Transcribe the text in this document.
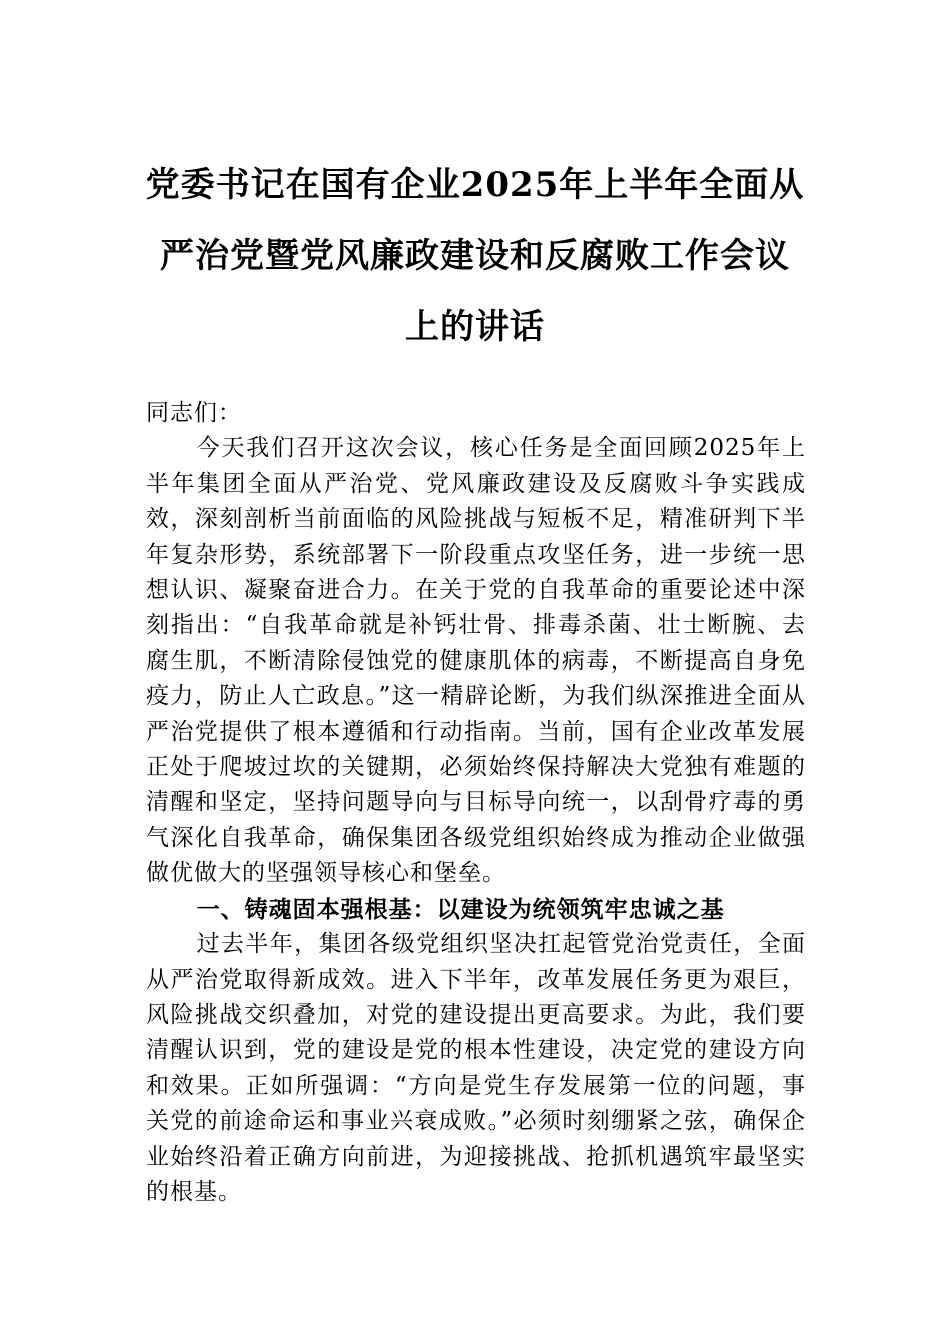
党委书记在国有企业2025年上半年全面从
严治党暨党风廉政建设和反腐败工作会议
上的讲话

同志们：

今天我们召开这次会议，核心任务是全面回顾2025年上半年集团全面从严治党、党风廉政建设及反腐败斗争实践成效，深刻剖析当前面临的风险挑战与短板不足，精准研判下半年复杂形势，系统部署下一阶段重点攻坚任务，进一步统一思想认识、凝聚奋进合力。在关于党的自我革命的重要论述中深刻指出：“自我革命就是补钙壮骨、排毒杀菌、壮士断腕、去腐生肌，不断清除侵蚀党的健康肌体的病毒，不断提高自身免疫力，防止人亡政息。”这一精辟论断，为我们纵深推进全面从严治党提供了根本遵循和行动指南。当前，国有企业改革发展正处于爬坡过坎的关键期，必须始终保持解决大党独有难题的清醒和坚定，坚持问题导向与目标导向统一，以刮骨疗毒的勇气深化自我革命，确保集团各级党组织始终成为推动企业做强做优做大的坚强领导核心和堡垒。

一、铸魂固本强根基：以建设为统领筑牢忠诚之基

过去半年，集团各级党组织坚决扛起管党治党责任，全面从严治党取得新成效。进入下半年，改革发展任务更为艰巨，风险挑战交织叠加，对党的建设提出更高要求。为此，我们要清醒认识到，党的建设是党的根本性建设，决定党的建设方向和效果。正如所强调：“方向是党生存发展第一位的问题，事关党的前途命运和事业兴衰成败。”必须时刻绷紧之弦，确保企业始终沿着正确方向前进，为迎接挑战、抢抓机遇筑牢最坚实的根基。
